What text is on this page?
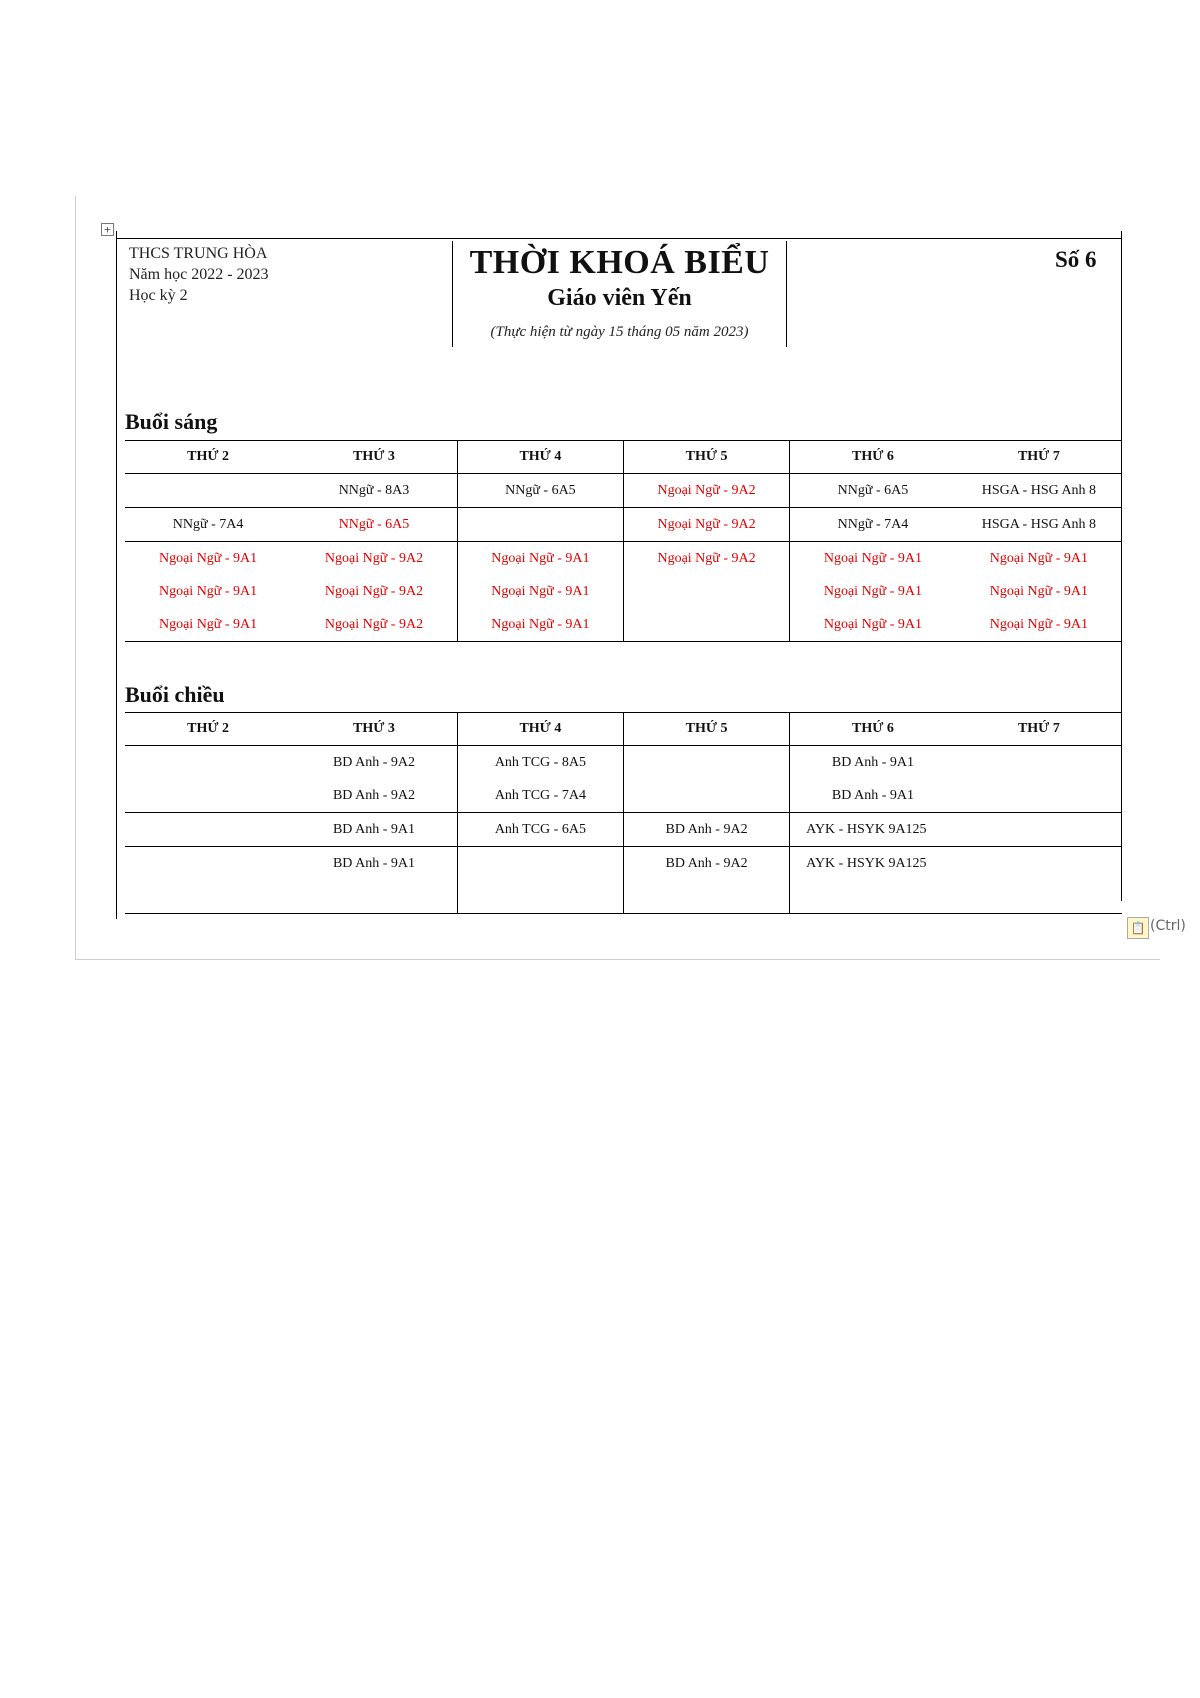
+
THCS TRUNG HÒA
Năm học 2022 - 2023
Học kỳ 2
THỜI KHOÁ BIỂU
Giáo viên Yến
(Thực hiện từ ngày 15 tháng 05 năm 2023)
Số 6
Buổi sáng
THỨ 2	THỨ 3	THỨ 4	THỨ 5	THỨ 6	THỨ 7
	NNgữ - 8A3	NNgữ - 6A5	Ngoại Ngữ - 9A2	NNgữ - 6A5	HSGA - HSG Anh 8
NNgữ - 7A4	NNgữ - 6A5		Ngoại Ngữ - 9A2	NNgữ - 7A4	HSGA - HSG Anh 8
Ngoại Ngữ - 9A1	Ngoại Ngữ - 9A2	Ngoại Ngữ - 9A1	Ngoại Ngữ - 9A2	Ngoại Ngữ - 9A1	Ngoại Ngữ - 9A1
Ngoại Ngữ - 9A1	Ngoại Ngữ - 9A2	Ngoại Ngữ - 9A1		Ngoại Ngữ - 9A1	Ngoại Ngữ - 9A1
Ngoại Ngữ - 9A1	Ngoại Ngữ - 9A2	Ngoại Ngữ - 9A1		Ngoại Ngữ - 9A1	Ngoại Ngữ - 9A1
Buổi chiều
THỨ 2	THỨ 3	THỨ 4	THỨ 5	THỨ 6	THỨ 7
	BD Anh - 9A2	Anh TCG - 8A5		BD Anh - 9A1	
	BD Anh - 9A2	Anh TCG - 7A4		BD Anh - 9A1	
	BD Anh - 9A1	Anh TCG - 6A5	BD Anh - 9A2	AYK - HSYK 9A125	
	BD Anh - 9A1		BD Anh - 9A2	AYK - HSYK 9A125	

📋 (Ctrl)
